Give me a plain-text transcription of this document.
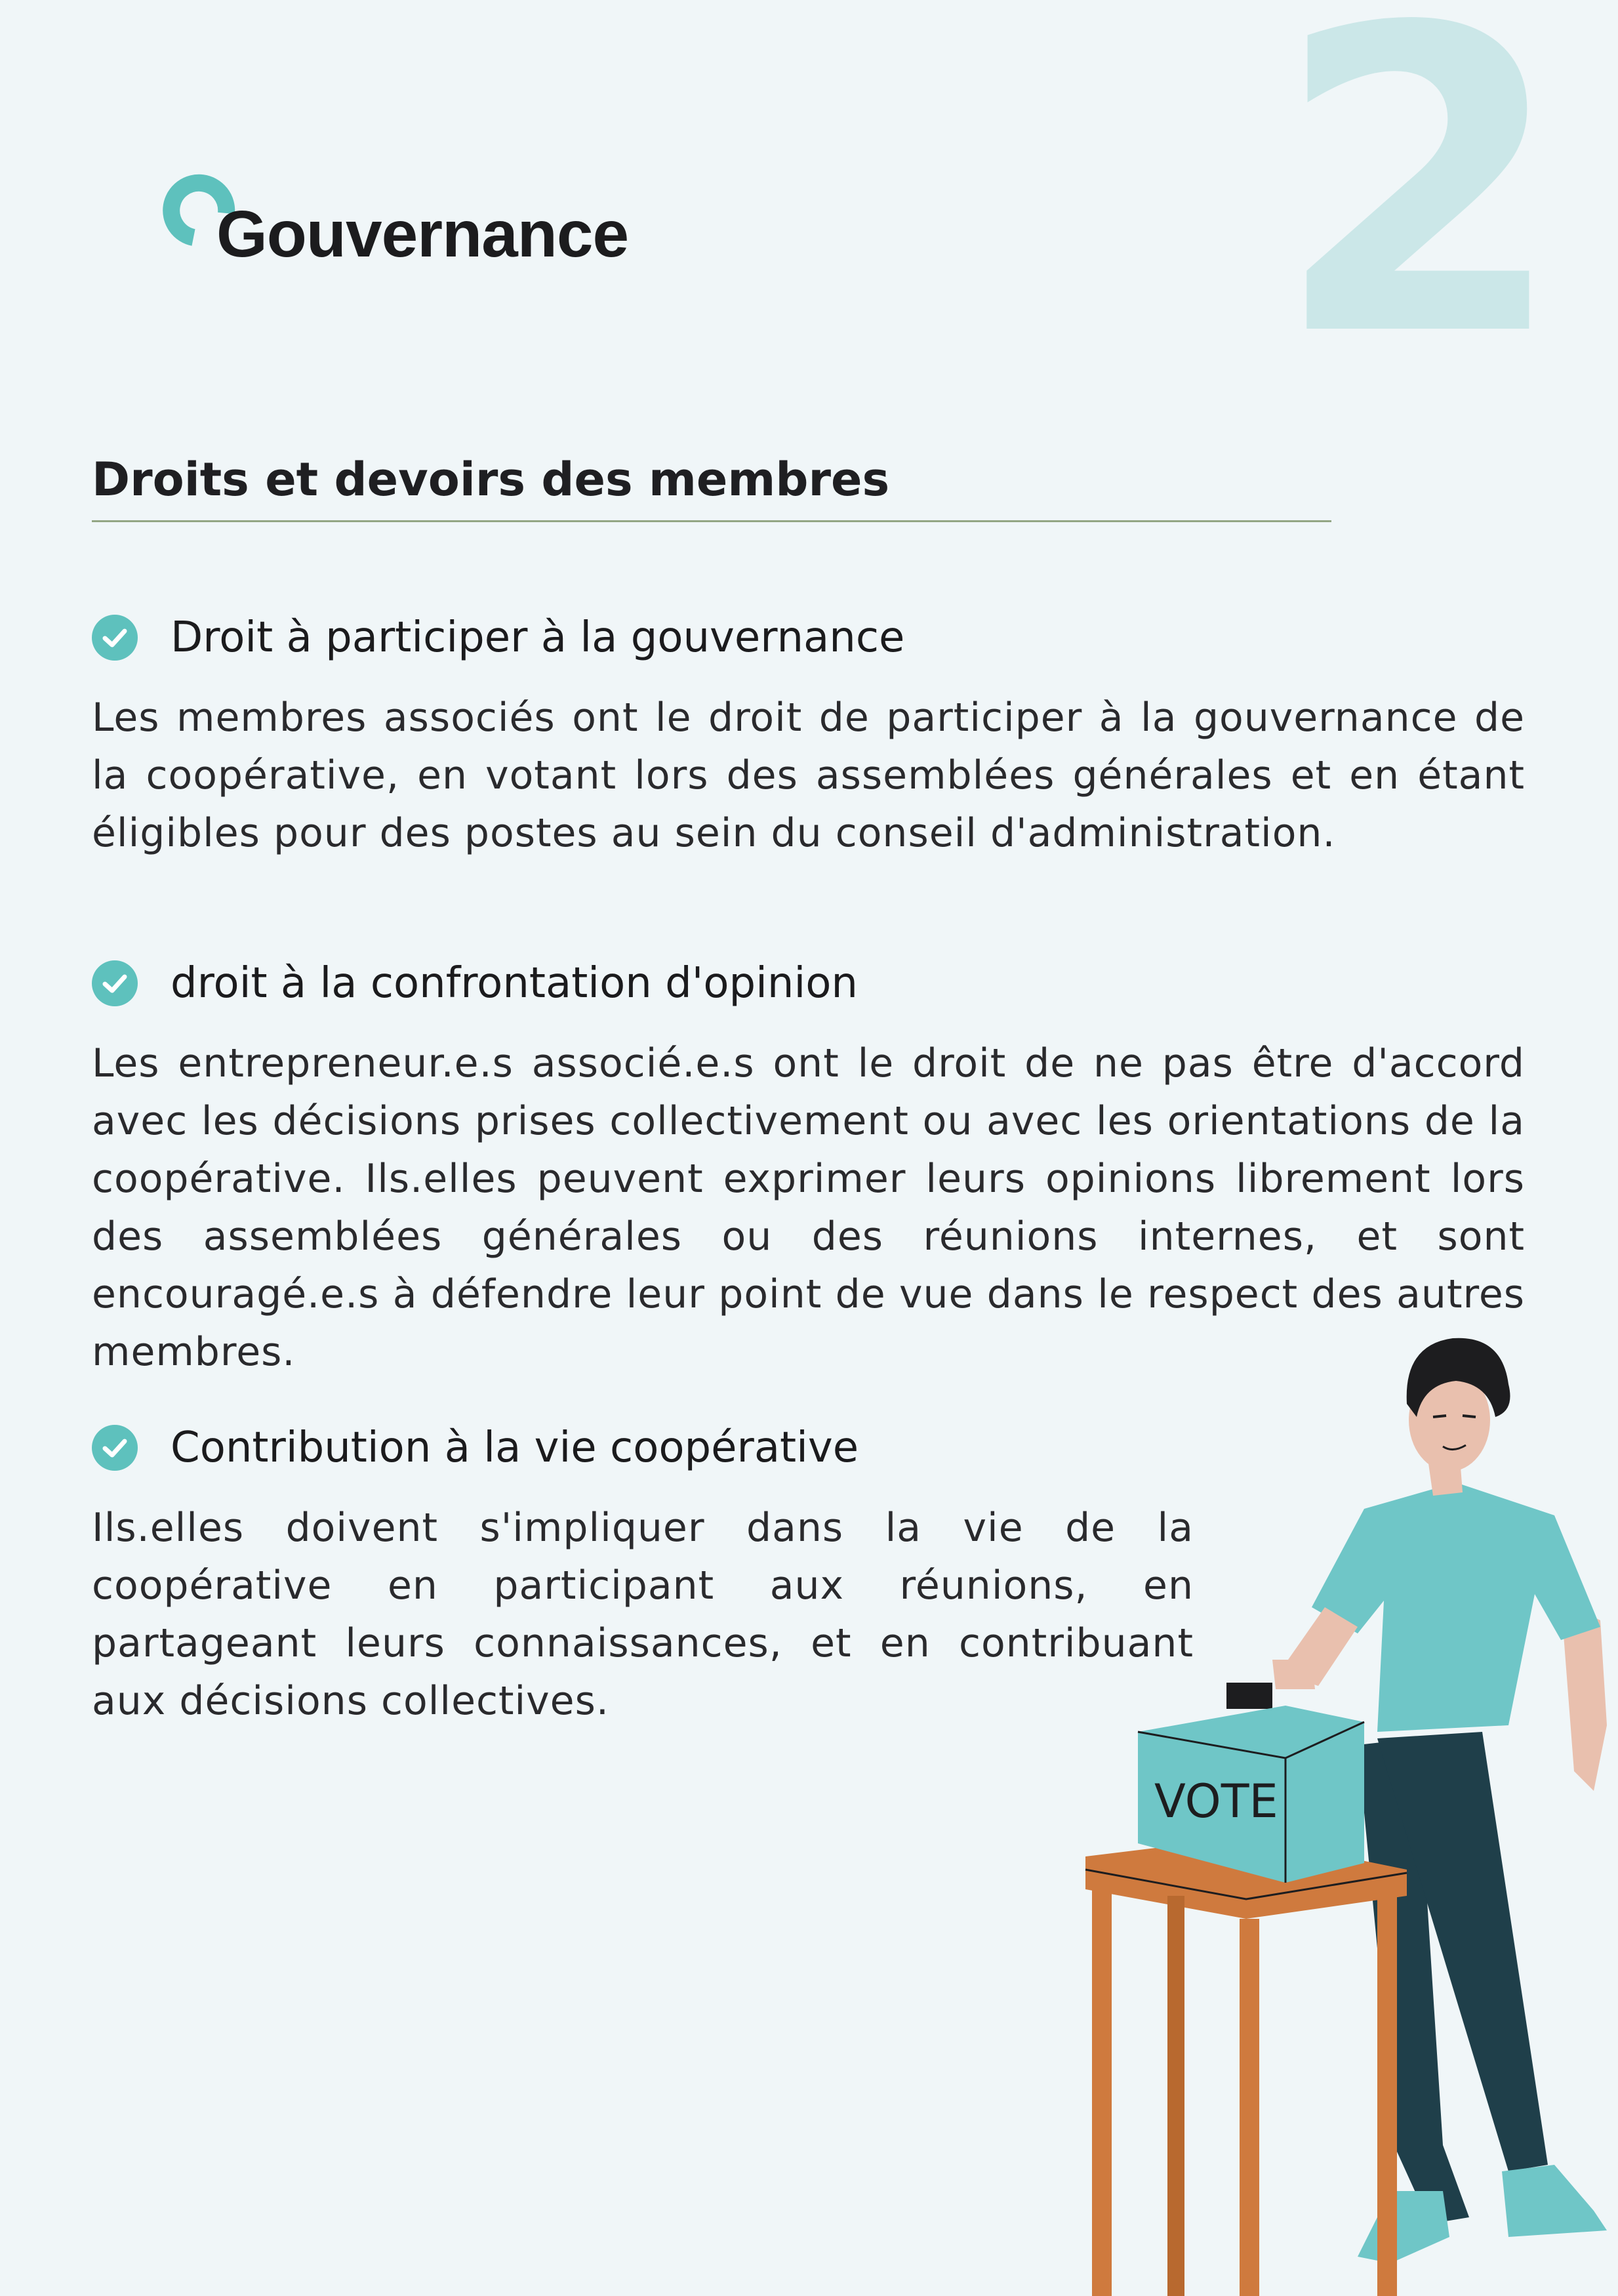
2
Gouvernance
Droits et devoirs des membres
Droit à participer à la gouvernance

Les membres associés ont le droit de participer à la gouvernance de la coopérative, en votant lors des assemblées générales et en étant éligibles pour des postes au sein du conseil d'administration.

droit à la confrontation d'opinion

Les entrepreneur.e.s associé.e.s ont le droit de ne pas être d'accord avec les décisions prises collectivement ou avec les orientations de la coopérative. Ils.elles peuvent exprimer leurs opinions librement lors des assemblées générales ou des réunions internes, et sont encouragé.e.s à défendre leur point de vue dans le respect des autres membres.

Contribution à la vie coopérative

Ils.elles doivent s'impliquer dans la vie de la coopérative en participant aux réunions, en partageant leurs connaissances, et en contribuant aux décisions collectives.

VOTE
